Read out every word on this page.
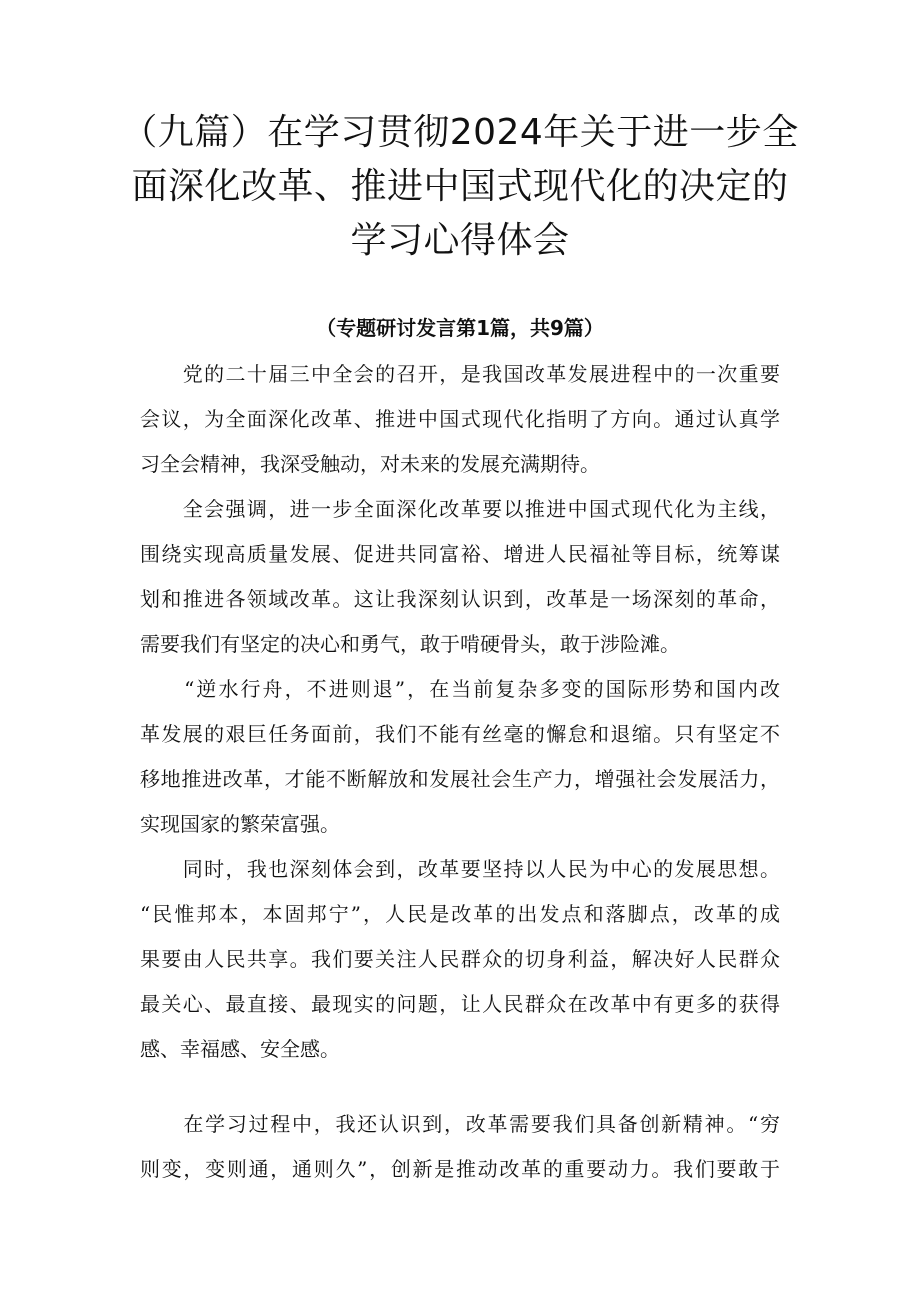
（九篇）在学习贯彻2024年关于进一步全
面深化改革、推进中国式现代化的决定的
学习心得体会

（专题研讨发言第1篇，共9篇）

　　党的二十届三中全会的召开，是我国改革发展进程中的一次重要
会议，为全面深化改革、推进中国式现代化指明了方向。通过认真学
习全会精神，我深受触动，对未来的发展充满期待。

　　全会强调，进一步全面深化改革要以推进中国式现代化为主线，
围绕实现高质量发展、促进共同富裕、增进人民福祉等目标，统筹谋
划和推进各领域改革。这让我深刻认识到，改革是一场深刻的革命，
需要我们有坚定的决心和勇气，敢于啃硬骨头，敢于涉险滩。

　　“逆水行舟，不进则退”，在当前复杂多变的国际形势和国内改
革发展的艰巨任务面前，我们不能有丝毫的懈怠和退缩。只有坚定不
移地推进改革，才能不断解放和发展社会生产力，增强社会发展活力，
实现国家的繁荣富强。

　　同时，我也深刻体会到，改革要坚持以人民为中心的发展思想。
“民惟邦本，本固邦宁”，人民是改革的出发点和落脚点，改革的成
果要由人民共享。我们要关注人民群众的切身利益，解决好人民群众
最关心、最直接、最现实的问题，让人民群众在改革中有更多的获得
感、幸福感、安全感。

　　在学习过程中，我还认识到，改革需要我们具备创新精神。“穷
则变，变则通，通则久”，创新是推动改革的重要动力。我们要敢于
